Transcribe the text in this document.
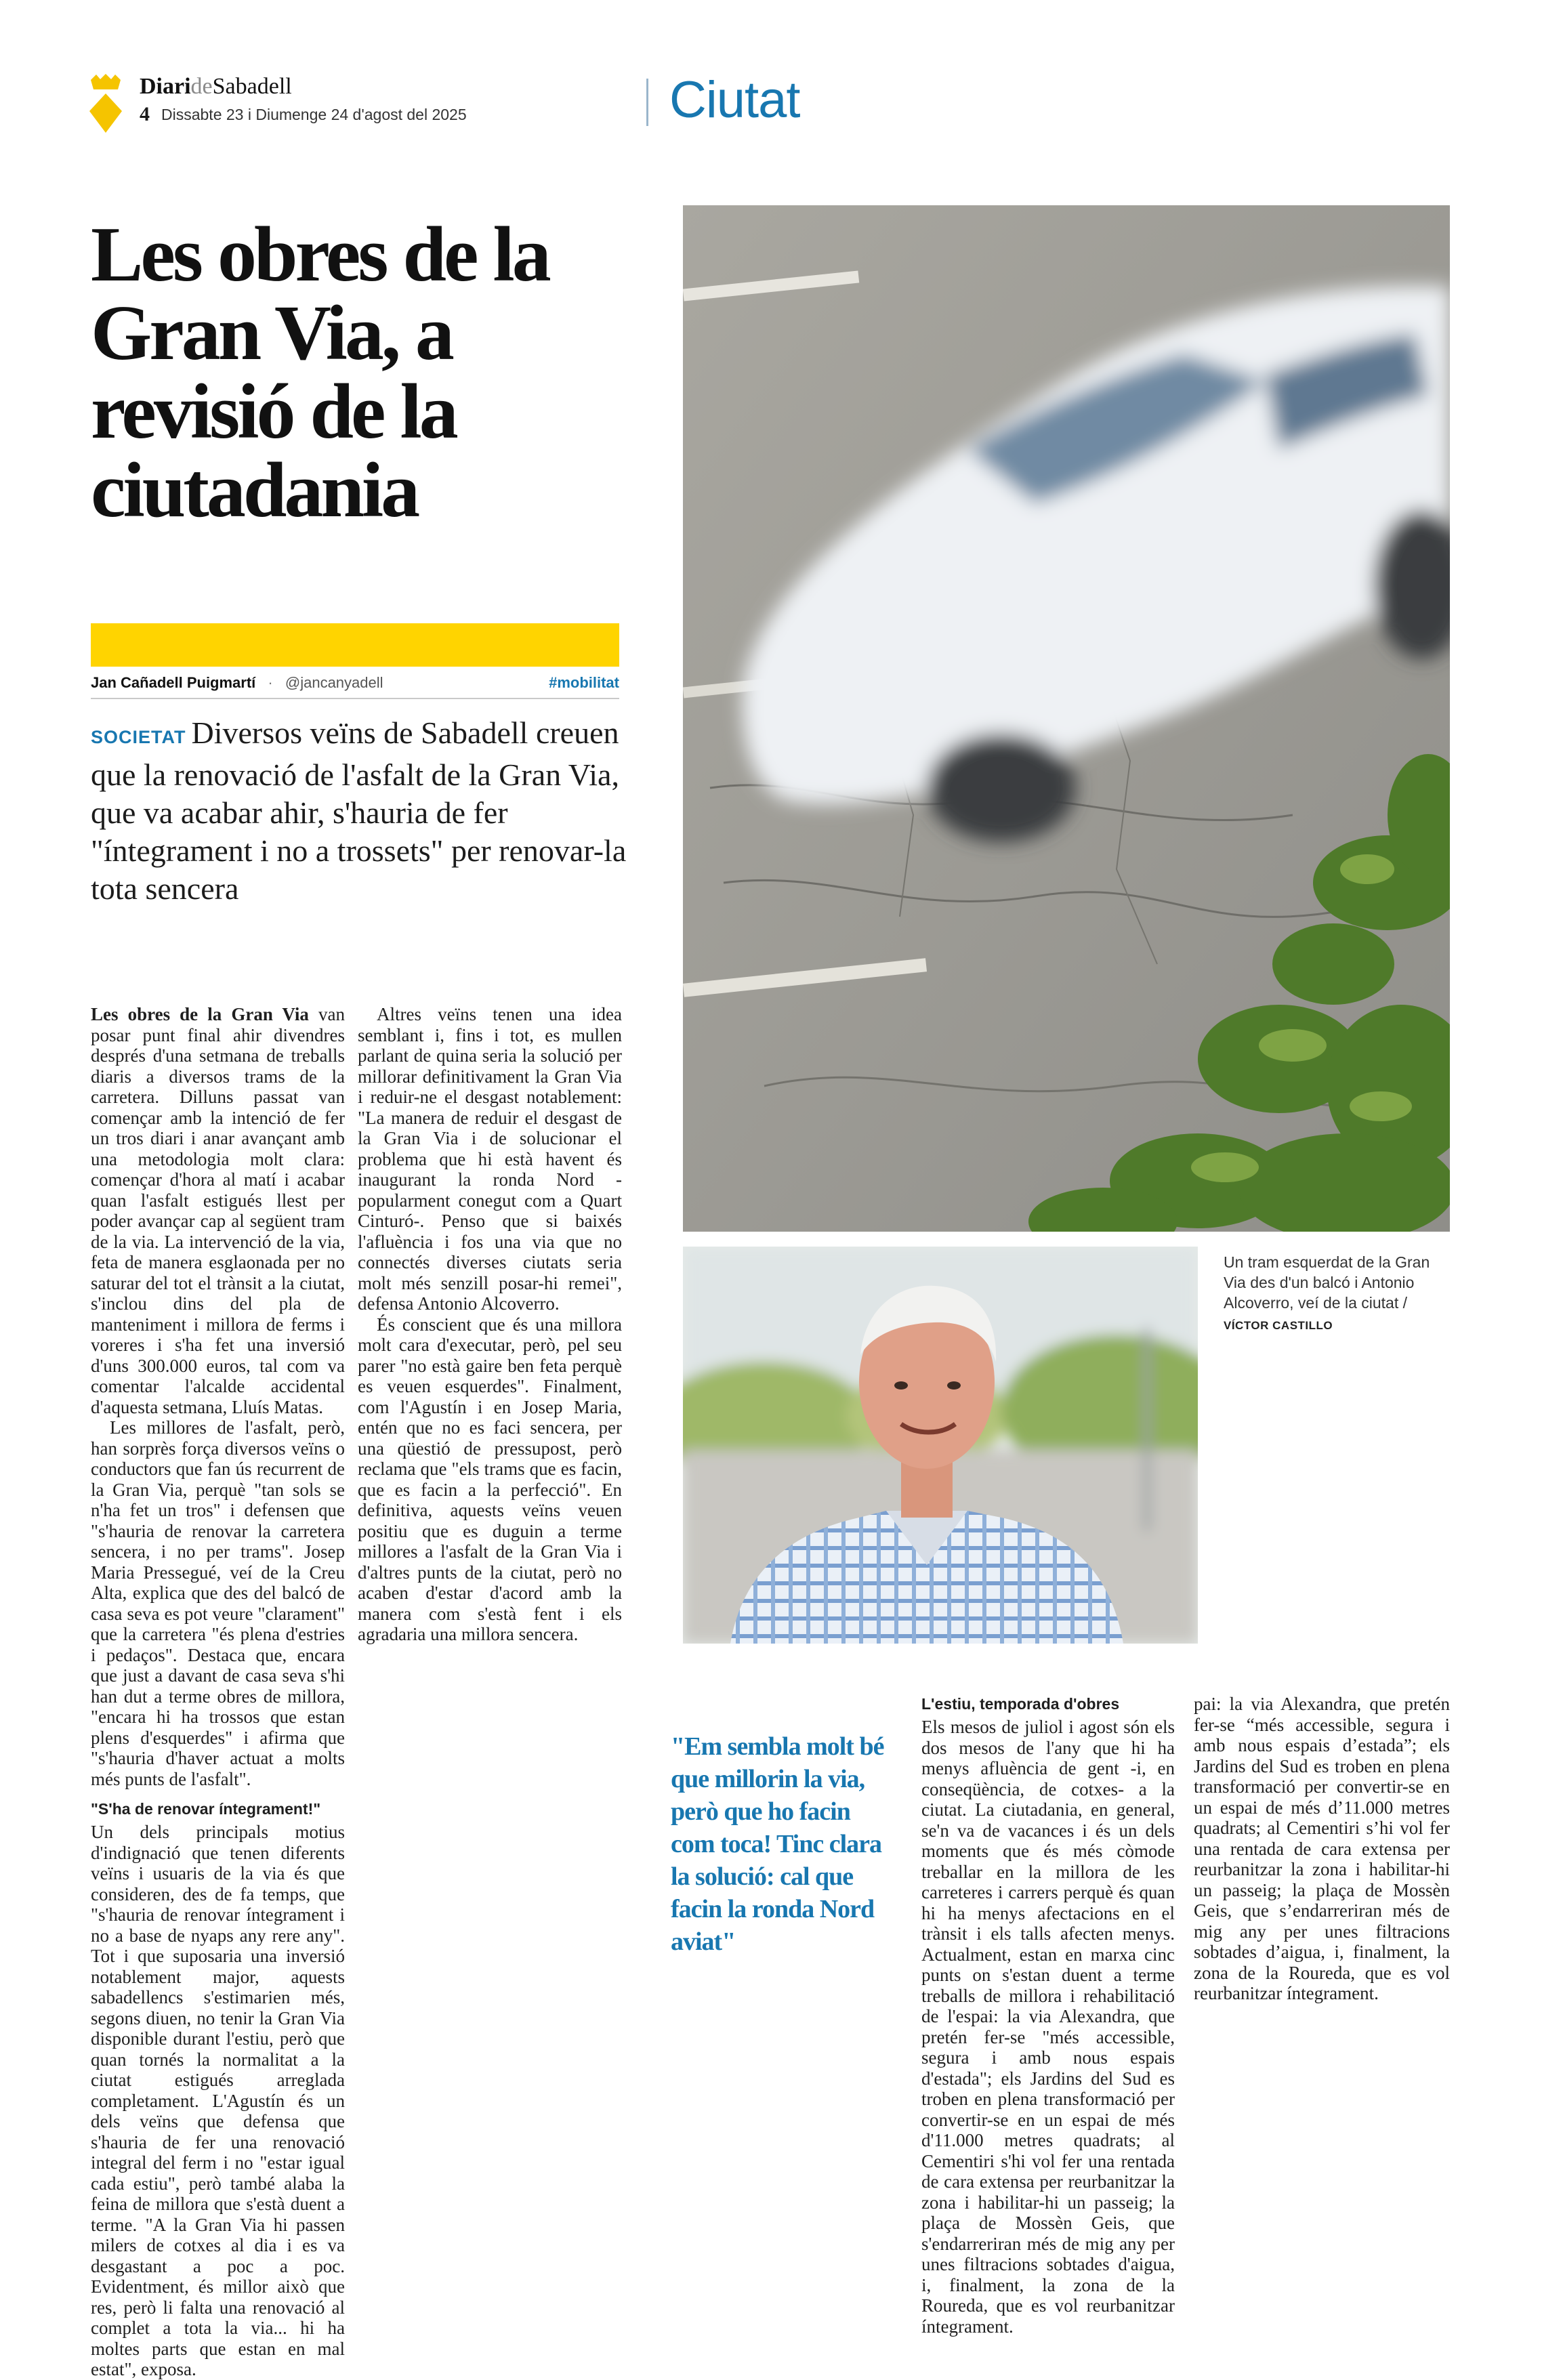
DiarideSabadell
4 Dissabte 23 i Diumenge 24 d'agost del 2025	Ciutat
Les obres de la Gran Via, a revisió de la ciutadania
Jan Cañadell Puigmartí · @jancanyadell	#mobilitat

SOCIETAT Diversos veïns de Sabadell creuen que la renovació de l'asfalt de la Gran Via, que va acabar ahir, s'hauria de fer "íntegrament i no a trossets" per renovar-la tota sencera

Les obres de la Gran Via van posar punt final ahir divendres després d'una setmana de treballs diaris a diversos trams de la carretera. Dilluns passat van començar amb la intenció de fer un tros diari i anar avançant amb una metodologia molt clara: començar d'hora al matí i acabar quan l'asfalt estigués llest per poder avançar cap al següent tram de la via. La intervenció de la via, feta de manera esglaonada per no saturar del tot el trànsit a la ciutat, s'inclou dins del pla de manteniment i millora de ferms i voreres i s'ha fet una inversió d'uns 300.000 euros, tal com va comentar l'alcalde accidental d'aquesta setmana, Lluís Matas.

Les millores de l'asfalt, però, han sorprès força diversos veïns o conductors que fan ús recurrent de la Gran Via, perquè "tan sols se n'ha fet un tros" i defensen que "s'hauria de renovar la carretera sencera, i no per trams". Josep Maria Pressegué, veí de la Creu Alta, explica que des del balcó de casa seva es pot veure "clarament" que la carretera "és plena d'estries i pedaços". Destaca que, encara que just a davant de casa seva s'hi han dut a terme obres de millora, "encara hi ha trossos que estan plens d'esquerdes" i afirma que "s'hauria d'haver actuat a molts més punts de l'asfalt".

"S'ha de renovar íntegrament!"

Un dels principals motius d'indignació que tenen diferents veïns i usuaris de la via és que consideren, des de fa temps, que "s'hauria de renovar íntegrament i no a base de nyaps any rere any". Tot i que suposaria una inversió notablement major, aquests sabadellencs s'estimarien més, segons diuen, no tenir la Gran Via disponible durant l'estiu, però que quan tornés la normalitat a la ciutat estigués arreglada completament. L'Agustín és un dels veïns que defensa que s'hauria de fer una renovació integral del ferm i no "estar igual cada estiu", però també alaba la feina de millora que s'està duent a terme. "A la Gran Via hi passen milers de cotxes al dia i es va desgastant a poc a poc. Evidentment, és millor això que res, però li falta una renovació al complet a tota la via... hi ha moltes parts que estan en mal estat", exposa.

Altres veïns tenen una idea semblant i, fins i tot, es mullen parlant de quina seria la solució per millorar definitivament la Gran Via i reduir-ne el desgast notablement: "La manera de reduir el desgast de la Gran Via i de solucionar el problema que hi està havent és inaugurant la ronda Nord -popularment conegut com a Quart Cinturó-. Penso que si baixés l'afluència i fos una via que no connectés diverses ciutats seria molt més senzill posar-hi remei", defensa Antonio Alcoverro.

És conscient que és una millora molt cara d'executar, però, pel seu parer "no està gaire ben feta perquè es veuen esquerdes". Finalment, com l'Agustín i en Josep Maria, entén que no es faci sencera, per una qüestió de pressupost, però reclama que "els trams que es facin, que es facin a la perfecció". En definitiva, aquests veïns veuen positiu que es duguin a terme millores a l'asfalt de la Gran Via i d'altres punts de la ciutat, però no acaben d'estar d'acord amb la manera com s'està fent i els agradaria una millora sencera.

"Em sembla molt bé que millorin la via, però que ho facin com toca! Tinc clara la solució: cal que facin la ronda Nord aviat"

L'estiu, temporada d'obres

Els mesos de juliol i agost són els dos mesos de l'any que hi ha menys afluència de gent -i, en conseqüència, de cotxes- a la ciutat. La ciutadania, en general, se'n va de vacances i és un dels moments que és més còmode treballar en la millora de les carreteres i carrers perquè és quan hi ha menys afectacions en el trànsit i els talls afecten menys. Actualment, estan en marxa cinc punts on s'estan duent a terme treballs de millora i rehabilitació de l'espai: la via Alexandra, que pretén fer-se "més accessible, segura i amb nous espais d'estada"; els Jardins del Sud es troben en plena transformació per convertir-se en un espai de més d'11.000 metres quadrats; al Cementiri s'hi vol fer una rentada de cara extensa per reurbanitzar la zona i habilitar-hi un passeig; la plaça de Mossèn Geis, que s'endarreriran més de mig any per unes filtracions sobtades d'aigua, i, finalment, la zona de la Roureda, que es vol reurbanitzar íntegrament.

pai: la via Alexandra, que pretén fer-se “més accessible, segura i amb nous espais d’estada”; els Jardins del Sud es troben en plena transformació per convertir-se en un espai de més d’11.000 metres quadrats; al Cementiri s’hi vol fer una rentada de cara extensa per reurbanitzar la zona i habilitar-hi un passeig; la plaça de Mossèn Geis, que s’endarreriran més de mig any per unes filtracions sobtades d’aigua, i, finalment, la zona de la Roureda, que es vol reurbanitzar íntegrament.

Un tram esquerdat de la Gran Via des d'un balcó i Antonio Alcoverro, veí de la ciutat /
VÍCTOR CASTILLO
